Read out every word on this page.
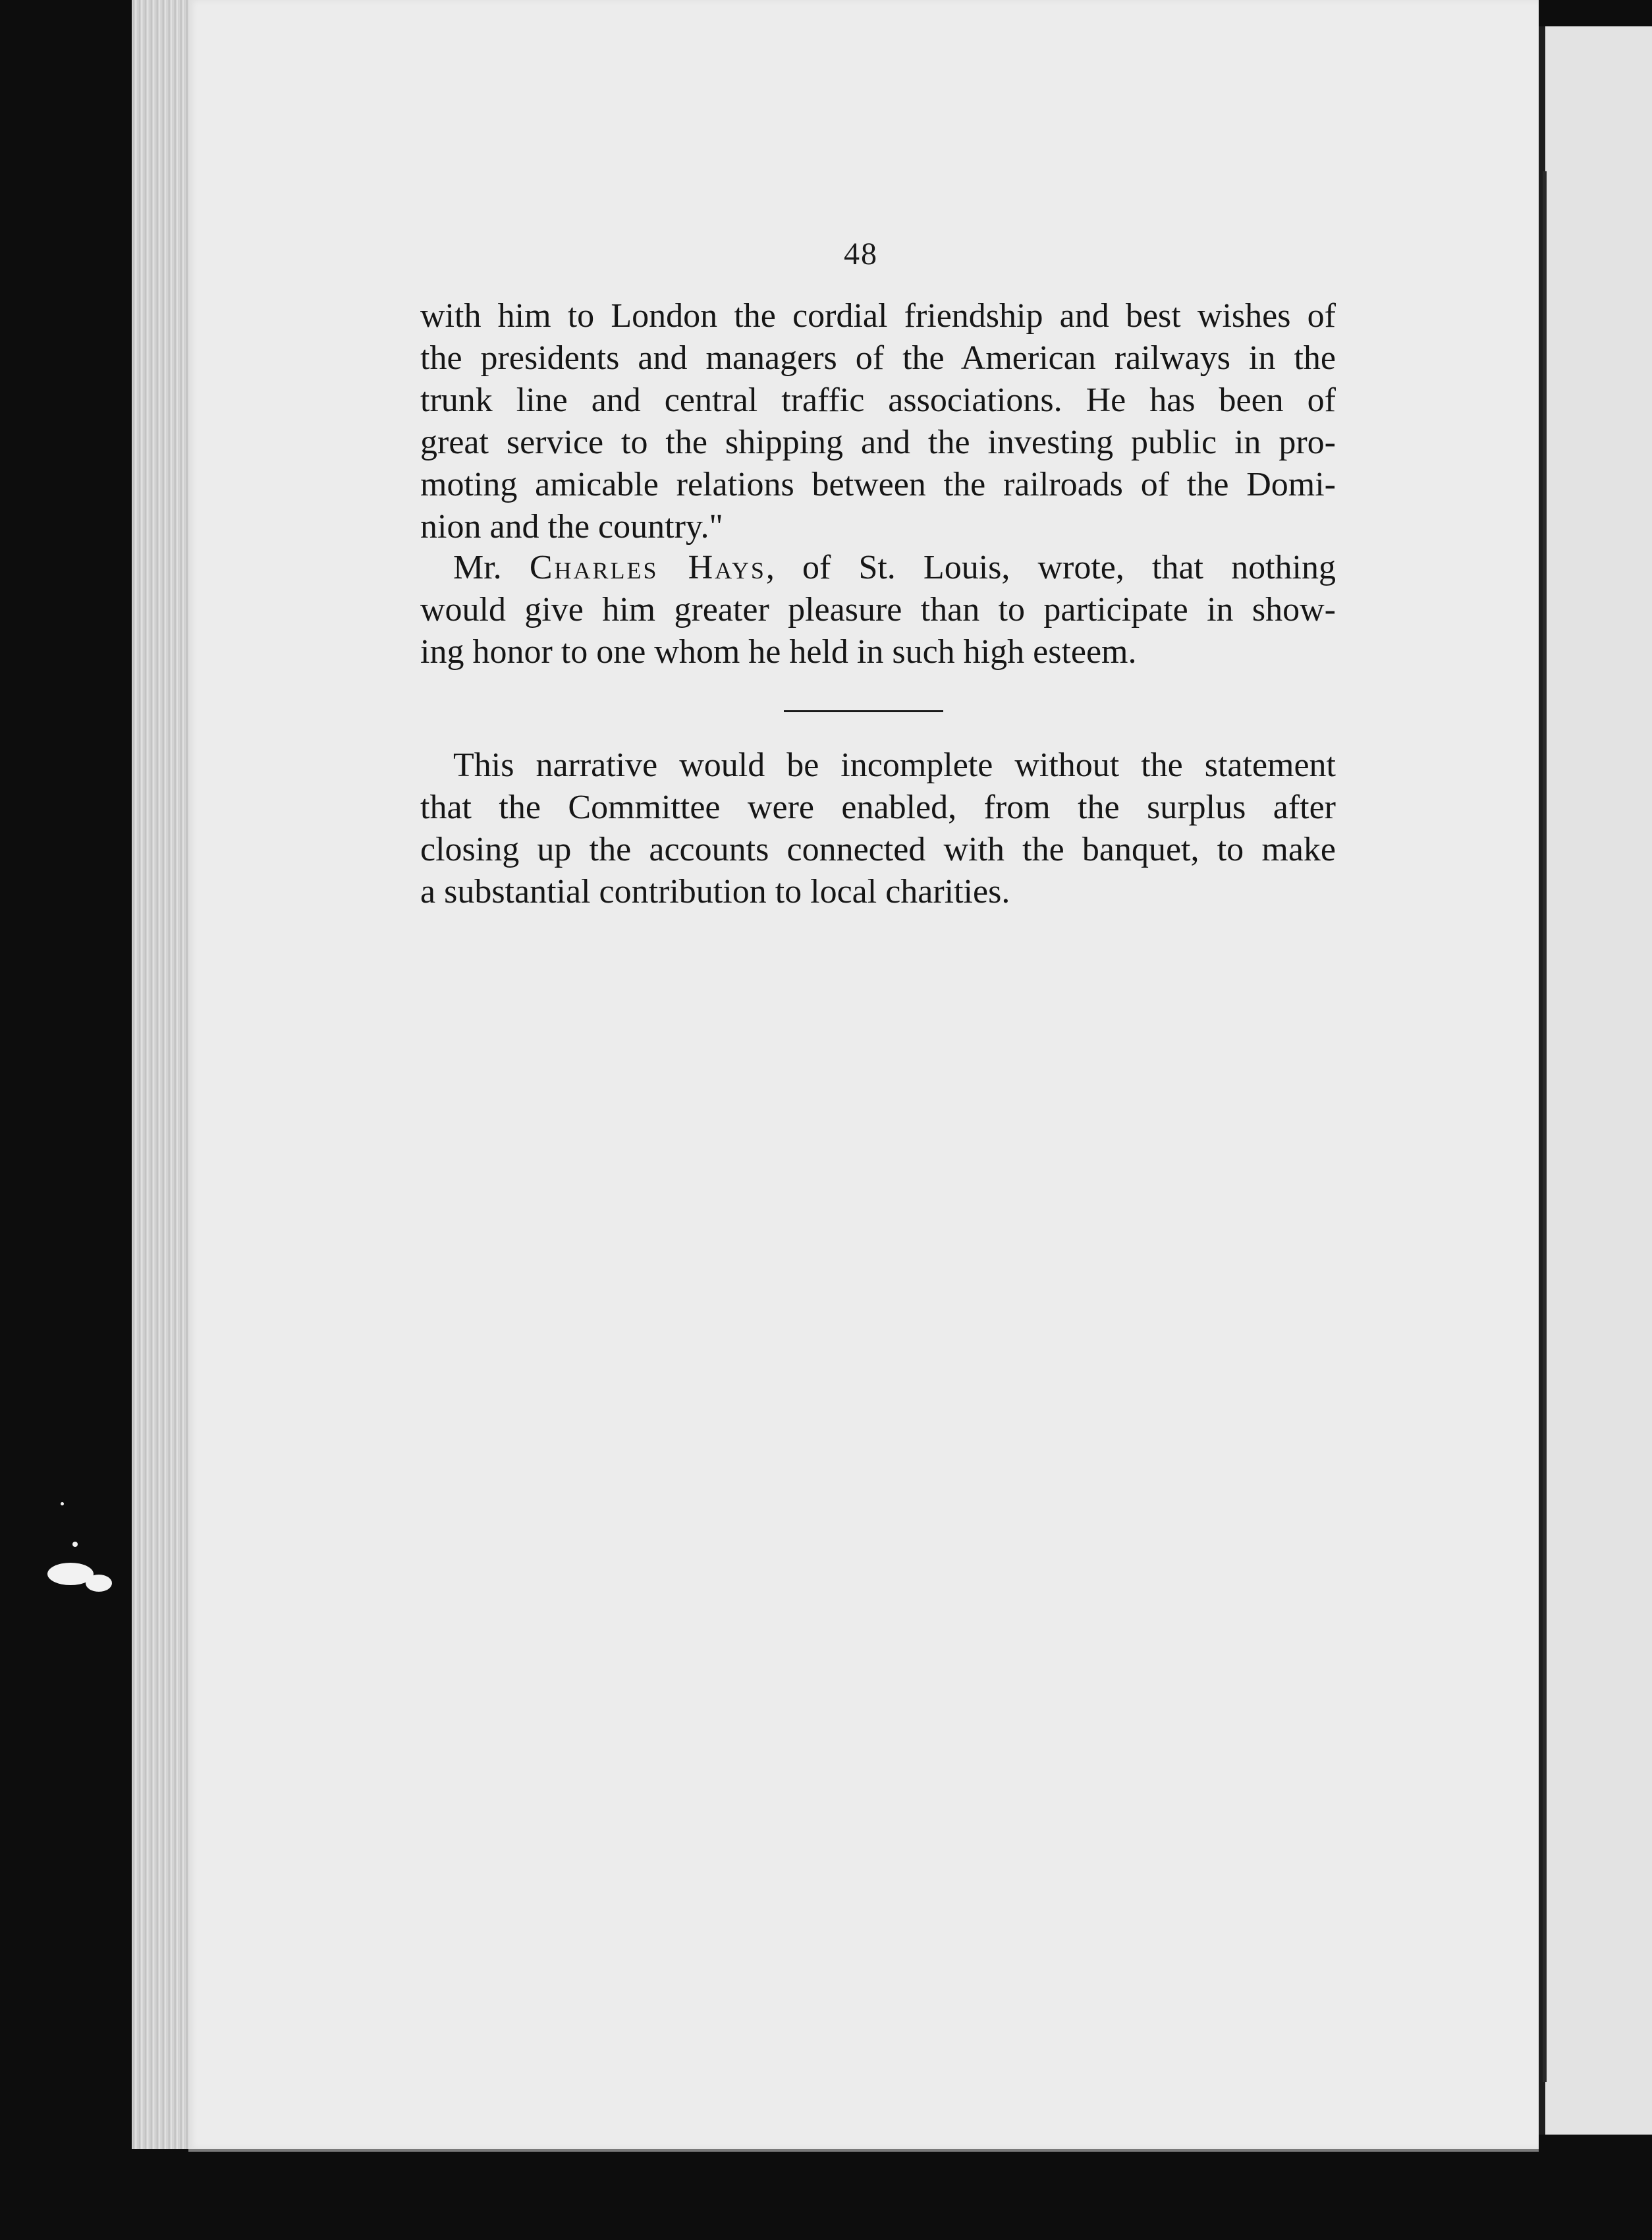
48
with him to London the cordial friendship and best wishes of
the presidents and managers of the American railways in the
trunk line and central traffic associations. He has been of
great service to the shipping and the investing public in pro-
moting amicable relations between the railroads of the Domi-
nion and the country."
Mr. Charles Hays, of St. Louis, wrote, that nothing
would give him greater pleasure than to participate in show-
ing honor to one whom he held in such high esteem.
This narrative would be incomplete without the statement
that the Committee were enabled, from the surplus after
closing up the accounts connected with the banquet, to make
a substantial contribution to local charities.
